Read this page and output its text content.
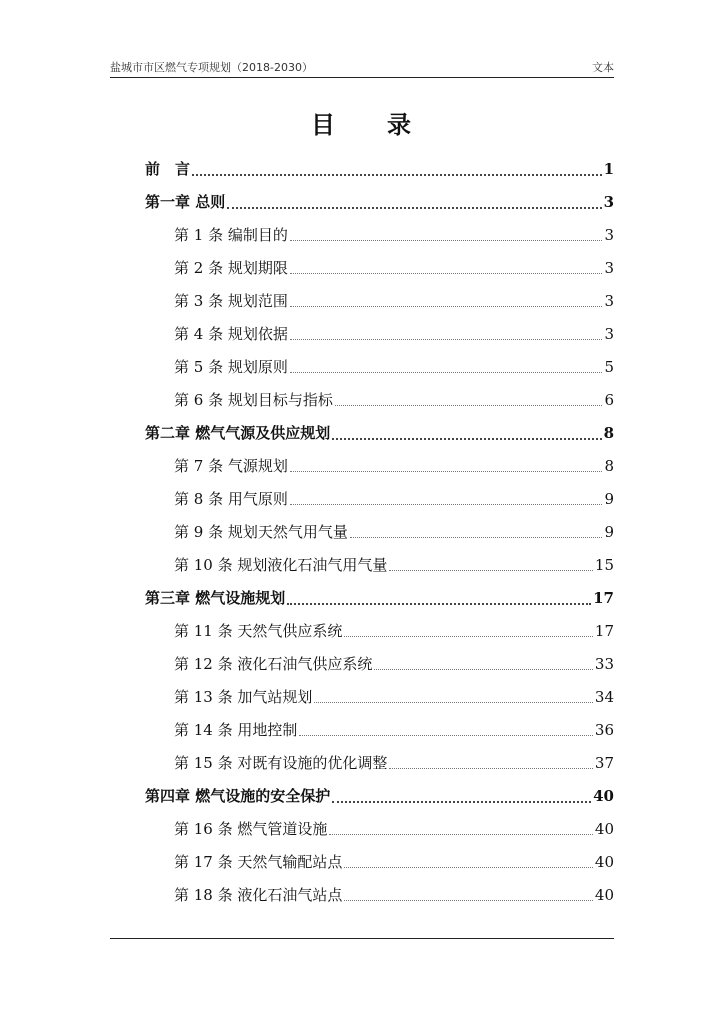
盐城市市区燃气专项规划（2018-2030）	文本
目 录
前　言	1
第一章 总则	3
第 1 条 编制目的	3
第 2 条 规划期限	3
第 3 条 规划范围	3
第 4 条 规划依据	3
第 5 条 规划原则	5
第 6 条 规划目标与指标	6
第二章 燃气气源及供应规划	8
第 7 条 气源规划	8
第 8 条 用气原则	9
第 9 条 规划天然气用气量	9
第 10 条 规划液化石油气用气量	15
第三章 燃气设施规划	17
第 11 条 天然气供应系统	17
第 12 条 液化石油气供应系统	33
第 13 条 加气站规划	34
第 14 条 用地控制	36
第 15 条 对既有设施的优化调整	37
第四章 燃气设施的安全保护	40
第 16 条 燃气管道设施	40
第 17 条 天然气输配站点	40
第 18 条 液化石油气站点	40
